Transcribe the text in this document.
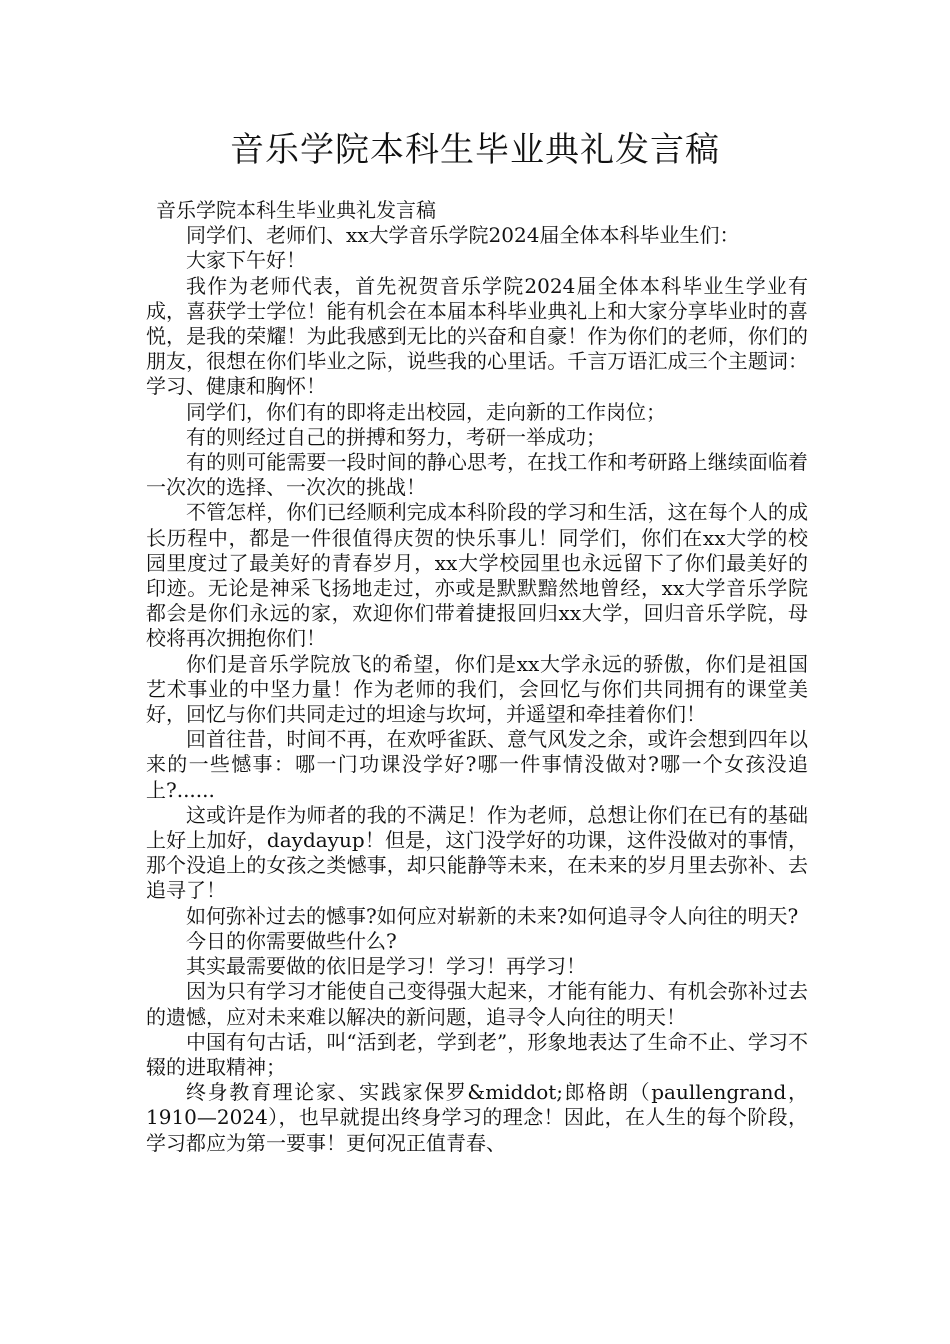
音乐学院本科生毕业典礼发言稿

音乐学院本科生毕业典礼发言稿

同学们、老师们、xx大学音乐学院2024届全体本科毕业生们：

大家下午好！

我作为老师代表，首先祝贺音乐学院2024届全体本科毕业生学业有成，喜获学士学位！能有机会在本届本科毕业典礼上和大家分享毕业时的喜悦，是我的荣耀！为此我感到无比的兴奋和自豪！作为你们的老师，你们的朋友，很想在你们毕业之际，说些我的心里话。千言万语汇成三个主题词：学习、健康和胸怀！

同学们，你们有的即将走出校园，走向新的工作岗位；

有的则经过自己的拼搏和努力，考研一举成功；

有的则可能需要一段时间的静心思考，在找工作和考研路上继续面临着一次次的选择、一次次的挑战！

不管怎样，你们已经顺利完成本科阶段的学习和生活，这在每个人的成长历程中，都是一件很值得庆贺的快乐事儿！同学们，你们在xx大学的校园里度过了最美好的青春岁月，xx大学校园里也永远留下了你们最美好的印迹。无论是神采飞扬地走过，亦或是默默黯然地曾经，xx大学音乐学院都会是你们永远的家，欢迎你们带着捷报回归xx大学，回归音乐学院，母校将再次拥抱你们！

你们是音乐学院放飞的希望，你们是xx大学永远的骄傲，你们是祖国艺术事业的中坚力量！作为老师的我们，会回忆与你们共同拥有的课堂美好，回忆与你们共同走过的坦途与坎坷，并遥望和牵挂着你们！

回首往昔，时间不再，在欢呼雀跃、意气风发之余，或许会想到四年以来的一些憾事：哪一门功课没学好?哪一件事情没做对?哪一个女孩没追上?......

这或许是作为师者的我的不满足！作为老师，总想让你们在已有的基础上好上加好，daydayup！但是，这门没学好的功课，这件没做对的事情，那个没追上的女孩之类憾事，却只能静等未来，在未来的岁月里去弥补、去追寻了！

如何弥补过去的憾事?如何应对崭新的未来?如何追寻令人向往的明天?

今日的你需要做些什么?

其实最需要做的依旧是学习！学习！再学习！

因为只有学习才能使自己变得强大起来，才能有能力、有机会弥补过去的遗憾，应对未来难以解决的新问题，追寻令人向往的明天！

中国有句古话，叫“活到老，学到老”，形象地表达了生命不止、学习不辍的进取精神；

终身教育理论家、实践家保罗&middot;郎格朗（paullengrand，1910—2024），也早就提出终身学习的理念！因此，在人生的每个阶段，学习都应为第一要事！更何况正值青春、
